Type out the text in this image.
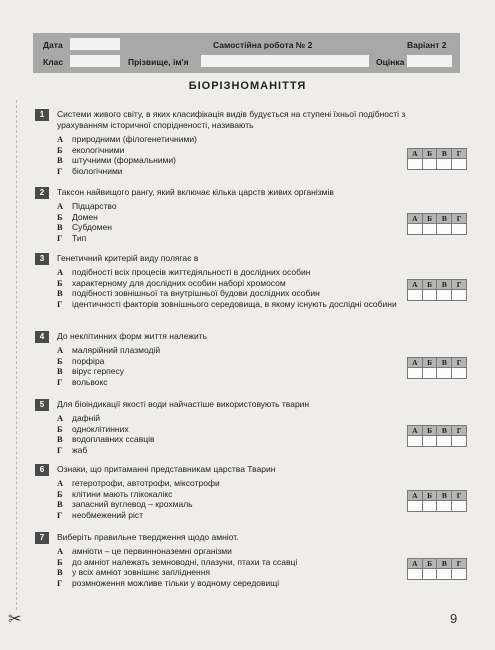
Дата	Самостійна робота № 2	Варіант 2
Клас	Прізвище, ім'я	Оцінка
БІОРІЗНОМАНІТТЯ
1	Системи живого світу, в яких класифікація видів будується на ступені їхньої подібності з урахуванням історичної спорідненості, називають
А	природними (філогенетичними)
Б	екологічними
В	штучними (формальними)
Г	біологічними
А	Б	В	Г

2	Таксон найвищого рангу, який включає кілька царств живих організмів
А	Підцарство
Б	Домен
В	Субдомен
Г	Тип
А	Б	В	Г

3	Генетичний критерій виду полягає в
А	подібності всіх процесів життєдіяльності в дослідних особин
Б	характерному для дослідних особин наборі хромосом
В	подібності зовнішньої та внутрішньої будови дослідних особин
Г	ідентичності факторів зовнішнього середовища, в якому існують дослідні особини
А	Б	В	Г

4	До неклітинних форм життя належить
А	малярійний плазмодій
Б	порфіра
В	вірус герпесу
Г	вольвокс
А	Б	В	Г

5	Для біоіндикації якості води найчастіше використовують тварин
А	дафній
Б	одноклітинних
В	водоплавних ссавців
Г	жаб
А	Б	В	Г

6	Ознаки, що притаманні представникам царства Тварин
А	гетеротрофи, автотрофи, міксотрофи
Б	клітини мають глікокалікс
В	запасний вуглевод – крохмаль
Г	необмежений ріст
А	Б	В	Г

7	Виберіть правильне твердження щодо амніот.
А	амніоти – це первинноназемні організми
Б	до амніот належать земноводні, плазуни, птахи та ссавці
В	у всіх амніот зовнішнє запліднення
Г	розмноження можливе тільки у водному середовищі
А	Б	В	Г

✂	9
